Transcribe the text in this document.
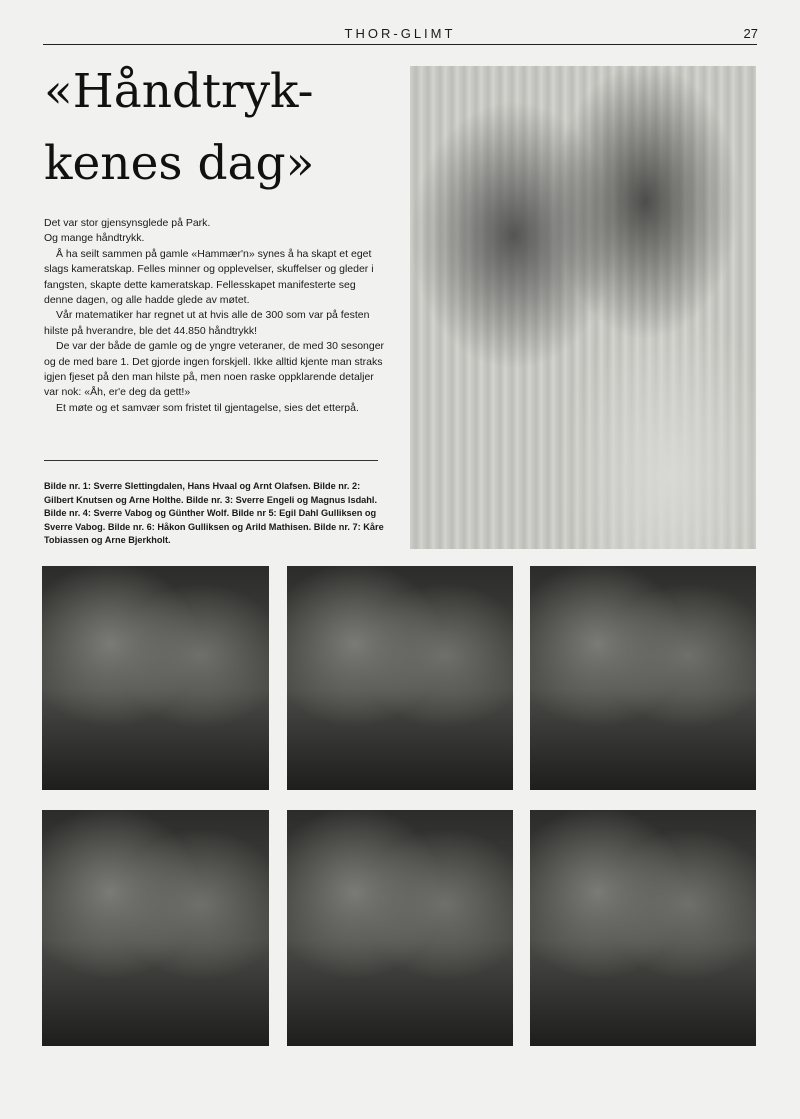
THOR-GLIMT	27
«Håndtryk-
kenes dag»

Det var stor gjensynsglede på Park.

Og mange håndtrykk.

Å ha seilt sammen på gamle «Hammær'n» synes å ha skapt et eget slags kameratskap. Felles minner og opplevelser, skuffelser og gleder i fangsten, skapte dette kameratskap. Fellesskapet manifesterte seg denne dagen, og alle hadde glede av møtet.

Vår matematiker har regnet ut at hvis alle de 300 som var på festen hilste på hverandre, ble det 44.850 håndtrykk!

De var der både de gamle og de yngre veteraner, de med 30 sesonger og de med bare 1. Det gjorde ingen forskjell. Ikke alltid kjente man straks igjen fjeset på den man hilste på, men noen raske oppklarende detaljer var nok: «Åh, er'e deg da gett!»

Et møte og et samvær som fristet til gjentagelse, sies det etterpå.

Bilde nr. 1: Sverre Slettingdalen, Hans Hvaal og Arnt Olafsen. Bilde nr. 2: Gilbert Knutsen og Arne Holthe. Bilde nr. 3: Sverre Engeli og Magnus Isdahl. Bilde nr. 4: Sverre Vabog og Günther Wolf. Bilde nr 5: Egil Dahl Gulliksen og Sverre Vabog. Bilde nr. 6: Håkon Gulliksen og Arild Mathisen. Bilde nr. 7: Kåre Tobiassen og Arne Bjerkholt.
